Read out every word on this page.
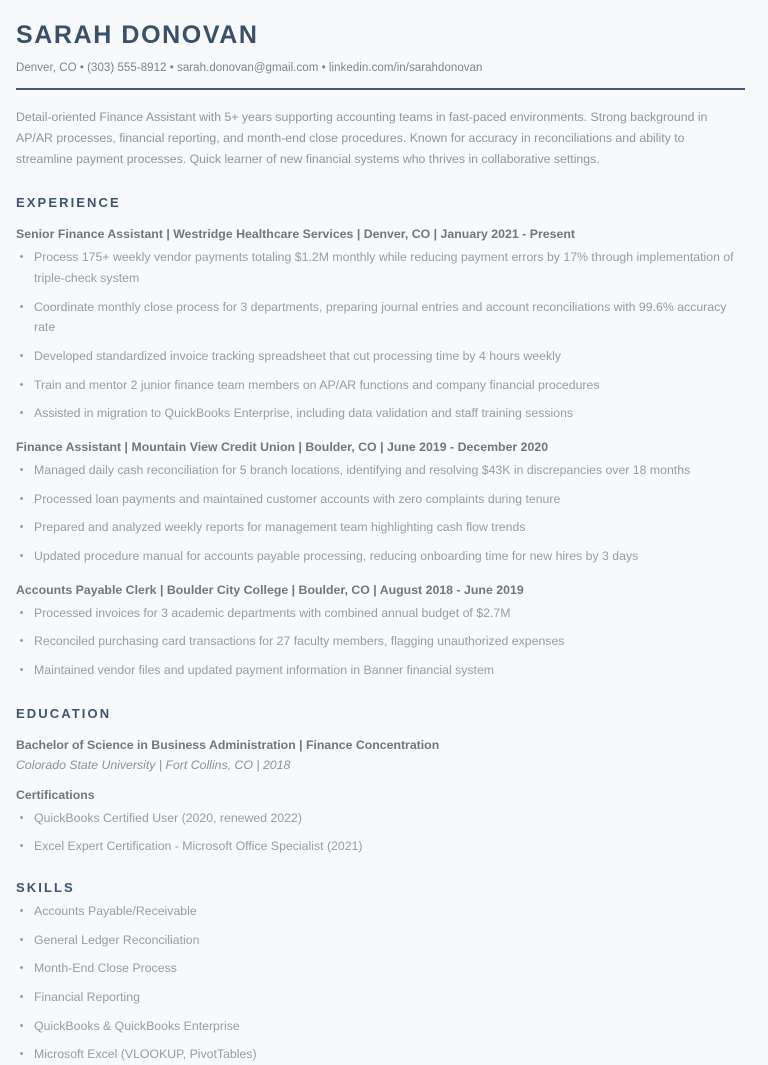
SARAH DONOVAN
Denver, CO • (303) 555-8912 • sarah.donovan@gmail.com • linkedin.com/in/sarahdonovan

Detail-oriented Finance Assistant with 5+ years supporting accounting teams in fast-paced environments. Strong background in AP/AR processes, financial reporting, and month-end close procedures. Known for accuracy in reconciliations and ability to streamline payment processes. Quick learner of new financial systems who thrives in collaborative settings.

EXPERIENCE
Senior Finance Assistant | Westridge Healthcare Services | Denver, CO | January 2021 - Present
Process 175+ weekly vendor payments totaling $1.2M monthly while reducing payment errors by 17% through implementation of triple-check system
Coordinate monthly close process for 3 departments, preparing journal entries and account reconciliations with 99.6% accuracy rate
Developed standardized invoice tracking spreadsheet that cut processing time by 4 hours weekly
Train and mentor 2 junior finance team members on AP/AR functions and company financial procedures
Assisted in migration to QuickBooks Enterprise, including data validation and staff training sessions
Finance Assistant | Mountain View Credit Union | Boulder, CO | June 2019 - December 2020
Managed daily cash reconciliation for 5 branch locations, identifying and resolving $43K in discrepancies over 18 months
Processed loan payments and maintained customer accounts with zero complaints during tenure
Prepared and analyzed weekly reports for management team highlighting cash flow trends
Updated procedure manual for accounts payable processing, reducing onboarding time for new hires by 3 days
Accounts Payable Clerk | Boulder City College | Boulder, CO | August 2018 - June 2019
Processed invoices for 3 academic departments with combined annual budget of $2.7M
Reconciled purchasing card transactions for 27 faculty members, flagging unauthorized expenses
Maintained vendor files and updated payment information in Banner financial system
EDUCATION
Bachelor of Science in Business Administration | Finance Concentration
Colorado State University | Fort Collins, CO | 2018
Certifications
QuickBooks Certified User (2020, renewed 2022)
Excel Expert Certification - Microsoft Office Specialist (2021)
SKILLS
Accounts Payable/Receivable
General Ledger Reconciliation
Month-End Close Process
Financial Reporting
QuickBooks & QuickBooks Enterprise
Microsoft Excel (VLOOKUP, PivotTables)
